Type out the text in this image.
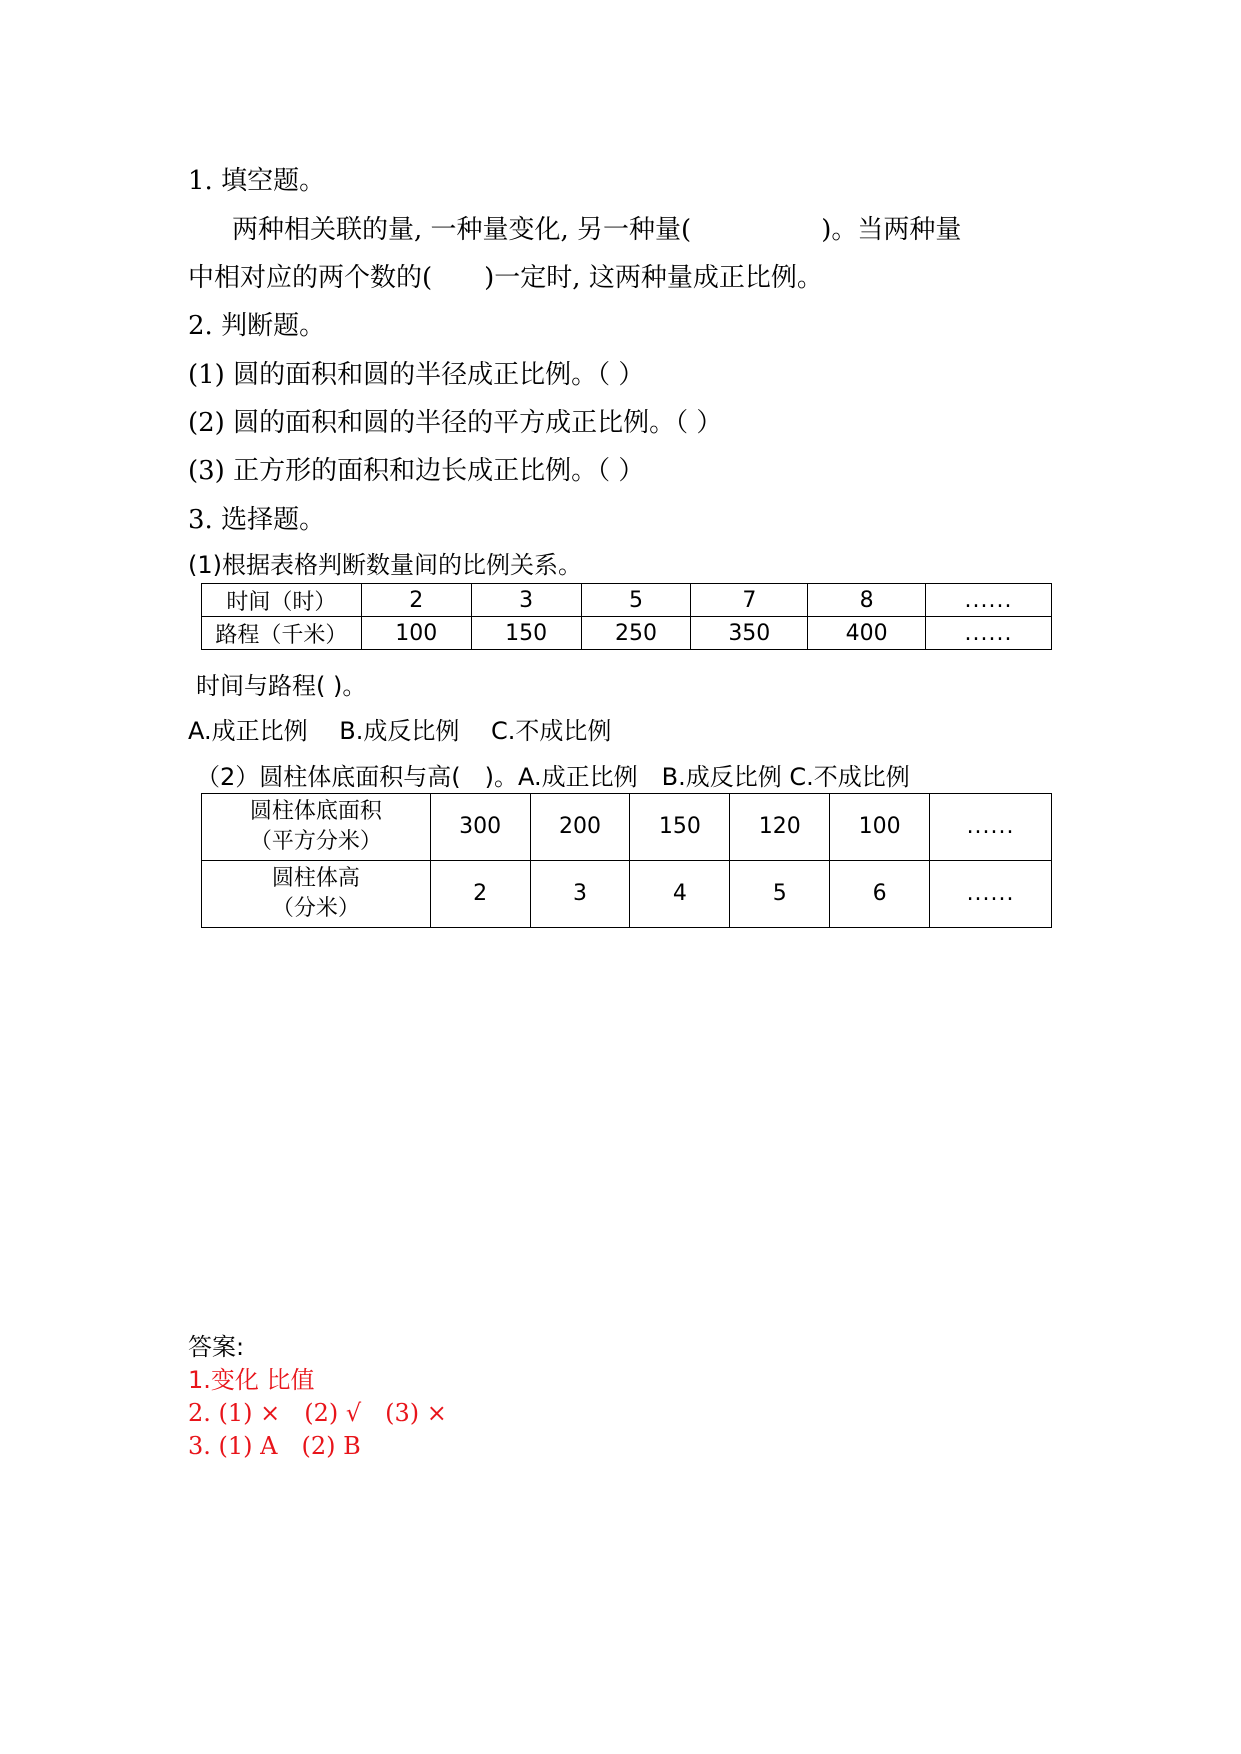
1. 填空题。
两种相关联的量, 一种量变化, 另一种量(　　　　　)。当两种量
中相对应的两个数的(　　)一定时, 这两种量成正比例。
2. 判断题。
(1) 圆的面积和圆的半径成正比例。（ ）
(2) 圆的面积和圆的半径的平方成正比例。（ ）
(3) 正方形的面积和边长成正比例。（ ）
3. 选择题。
(1)根据表格判断数量间的比例关系。
时间（时）	2	3	5	7	8	......
路程（千米）	100	150	250	350	400	......
时间与路程( )。
A.成正比例　 B.成反比例　 C.不成比例
（2）圆柱体底面积与高(　)。A.成正比例　B.成反比例 C.不成比例
圆柱体底面积
（平方分米）	300	200	150	120	100	......

圆柱体高
（分米）	2	3	4	5	6	......
答案:
1.变化 比值
2. (1) ×　(2) √　(3) ×
3. (1) A　(2) B
